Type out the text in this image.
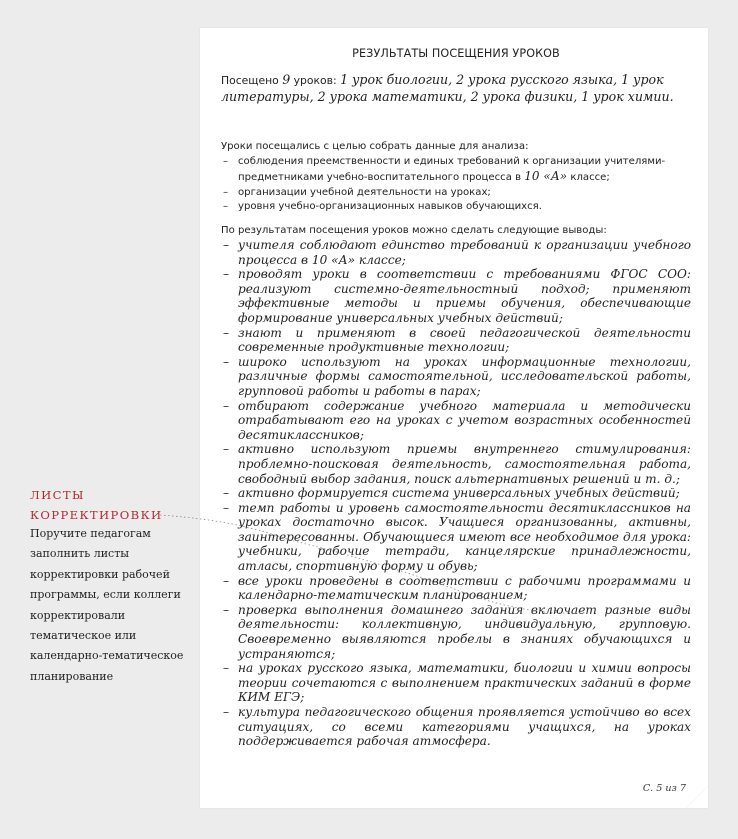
РЕЗУЛЬТАТЫ ПОСЕЩЕНИЯ УРОКОВ
Посещено 9 уроков: 1 урок биологии, 2 урока русского языка, 1 урок литературы, 2 урока математики, 2 урока физики, 1 урок химии.
Уроки посещались с целью собрать данные для анализа:
– соблюдения преемственности и единых требований к организации учителями-предметниками учебно-воспитательного процесса в 10 «А» классе;
– организации учебной деятельности на уроках;
– уровня учебно-организационных навыков обучающихся.
По результатам посещения уроков можно сделать следующие выводы:
– учителя соблюдают единство требований к организации учебного процесса в 10 «А» классе;
– проводят уроки в соответствии с требованиями ФГОС СОО: реализуют системно-деятельностный подход; применяют эффективные методы и приемы обучения, обеспечивающие формирование универсальных учебных действий;
– знают и применяют в своей педагогической деятельности современные продуктивные технологии;
– широко используют на уроках информационные технологии, различные формы самостоятельной, исследовательской работы, групповой работы и работы в парах;
– отбирают содержание учебного материала и методически отрабатывают его на уроках с учетом возрастных особенностей десятиклассников;
– активно используют приемы внутреннего стимулирования: проблемно-поисковая деятельность, самостоятельная работа, свободный выбор задания, поиск альтернативных решений и т. д.;
– активно формируется система универсальных учебных действий;
– темп работы и уровень самостоятельности десятиклассников на уроках достаточно высок. Учащиеся организованны, активны, заинтересованны. Обучающиеся имеют все необходимое для урока: учебники, рабочие тетради, канцелярские принадлежности, атласы, спортивную форму и обувь;
– все уроки проведены в соответствии с рабочими программами и календарно-тематическим планированием;
– проверка выполнения домашнего задания включает разные виды деятельности: коллективную, индивидуальную, групповую. Своевременно выявляются пробелы в знаниях обучающихся и устраняются;
– на уроках русского языка, математики, биологии и химии вопросы теории сочетаются с выполнением практических заданий в форме КИМ ЕГЭ;
– культура педагогического общения проявляется устойчиво во всех ситуациях, со всеми категориями учащихся, на уроках поддерживается рабочая атмосфера.
С. 5 из 7
ЛИСТЫ
КОРРЕКТИРОВКИ
Поручите педагогам заполнить листы корректировки рабочей программы, если коллеги корректировали тематическое или календарно-тематическое планирование
